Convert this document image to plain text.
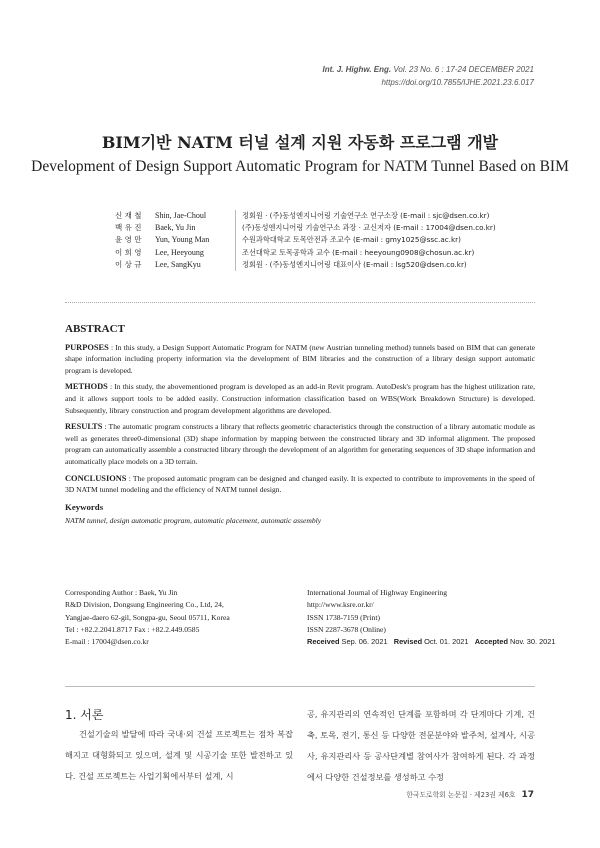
Int. J. Highw. Eng. Vol. 23 No. 6 : 17-24 DECEMBER 2021
https://doi.org/10.7855/IJHE.2021.23.6.017
BIM기반 NATM 터널 설계 지원 자동화 프로그램 개발
Development of Design Support Automatic Program for NATM Tunnel Based on BIM
신 재 철	Shin, Jae-Choul	정회원 · (주)동성엔지니어링 기술연구소 연구소장 (E-mail : sjc@dsen.co.kr)
백 유 진	Baek, Yu Jin	(주)동성엔지니어링 기술연구소 과장 · 교신저자 (E-mail : 17004@dsen.co.kr)
윤 영 만	Yun, Young Man	수원과학대학교 토목안전과 조교수 (E-mail : gmy1025@ssc.ac.kr)
이 희 영	Lee, Heeyoung	조선대학교 토목공학과 교수 (E-mail : heeyoung0908@chosun.ac.kr)
이 상 규	Lee, SangKyu	정회원 · (주)동성엔지니어링 대표이사 (E-mail : lsg520@dsen.co.kr)
ABSTRACT

PURPOSES : In this study, a Design Support Automatic Program for NATM (new Austrian tunneling method) tunnels based on BIM that can generate shape information including property information via the development of BIM libraries and the construction of a library design support automatic program is developed.

METHODS : In this study, the abovementioned program is developed as an add-in Revit program. AutoDesk's program has the highest utilization rate, and it allows support tools to be added easily. Construction information classification based on WBS(Work Breakdown Structure) is developed. Subsequently, library construction and program development algorithms are developed.

RESULTS : The automatic program constructs a library that reflects geometric characteristics through the construction of a library automatic module as well as generates three0-dimensional (3D) shape information by mapping between the constructed library and 3D informal alignment. The proposed program can automatically assemble a constructed library through the development of an algorithm for generating sequences of 3D shape information and automatically place models on a 3D terrain.

CONCLUSIONS : The proposed automatic program can be designed and changed easily. It is expected to contribute to improvements in the speed of 3D NATM tunnel modeling and the efficiency of NATM tunnel design.

Keywords
NATM tunnel, design automatic program, automatic placement, automatic assembly
Corresponding Author : Baek, Yu Jin
R&D Division, Dongsung Engineering Co., Ltd, 24,
Yangjae-daero 62-gil, Songpa-gu, Seoul 05711, Korea
Tel : +82.2.2041.8717 Fax : +82.2.449.0585
E-mail : 17004@dsen.co.kr
International Journal of Highway Engineering
http://www.ksre.or.kr/
ISSN 1738-7159 (Print)
ISSN 2287-3678 (Online)
Received Sep. 06. 2021 Revised Oct. 01. 2021 Accepted Nov. 30. 2021
1. 서론
건설기술의 발달에 따라 국내·외 건설 프로젝트는 점차 복잡해지고 대형화되고 있으며, 설계 및 시공기술 또한 발전하고 있다. 건설 프로젝트는 사업기획에서부터 설계, 시
공, 유지관리의 연속적인 단계를 포함하며 각 단계마다 기계, 건축, 토목, 전기, 통신 등 다양한 전문분야와 발주처, 설계사, 시공사, 유지관리사 등 공사단계별 참여사가 참여하게 된다. 각 과정에서 다양한 건설정보를 생성하고 수정
한국도로학회 논문집 · 제23권 제6호 17
